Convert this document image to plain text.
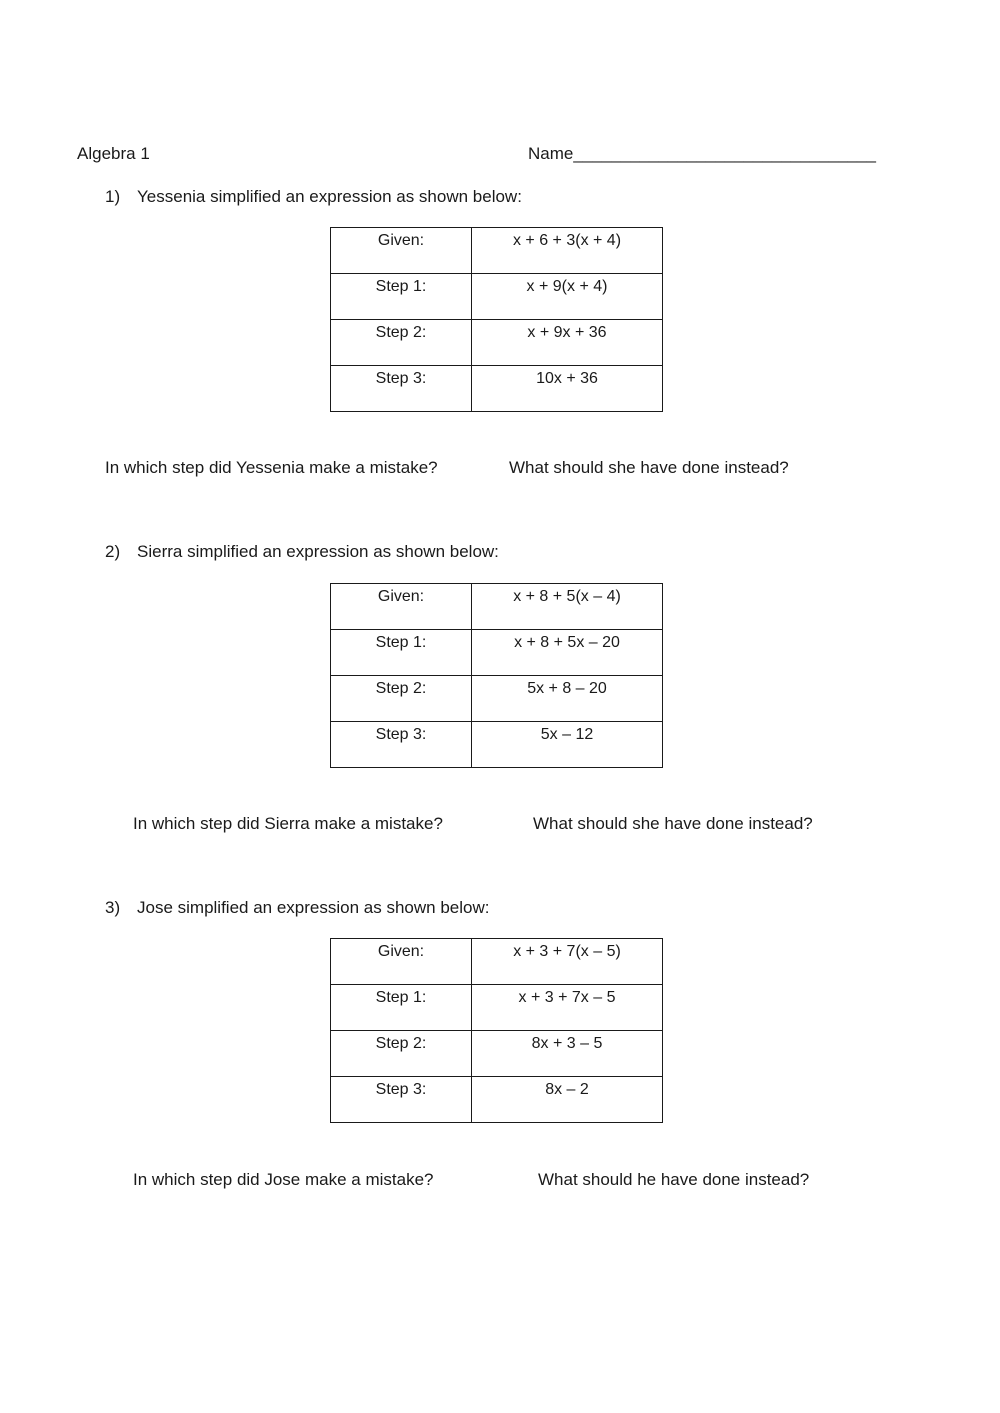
Algebra 1	Name________________________________
1) Yessenia simplified an expression as shown below:
Given:	x + 6 + 3(x + 4)

Step 1:	x + 9(x + 4)

Step 2:	x + 9x + 36

Step 3:	10x + 36
In which step did Yessenia make a mistake?	What should she have done instead?
2) Sierra simplified an expression as shown below:
Given:	x + 8 + 5(x – 4)

Step 1:	x + 8 + 5x – 20

Step 2:	5x + 8 – 20

Step 3:	5x – 12
In which step did Sierra make a mistake?	What should she have done instead?
3) Jose simplified an expression as shown below:
Given:	x + 3 + 7(x – 5)

Step 1:	x + 3 + 7x – 5

Step 2:	8x + 3 – 5

Step 3:	8x – 2
In which step did Jose make a mistake?	What should he have done instead?
